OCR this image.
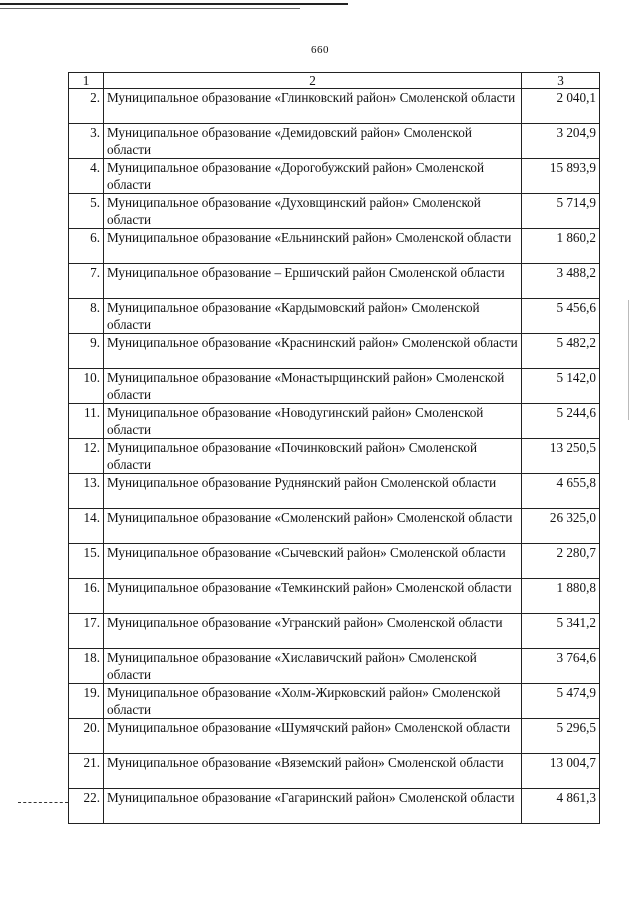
660
1	2	3
2.	Муниципальное образование «Глинковский район» Смоленской области	2 040,1
3.	Муниципальное образование «Демидовский район» Смоленской области	3 204,9
4.	Муниципальное образование «Дорогобужский район» Смоленской области	15 893,9
5.	Муниципальное образование «Духовщинский район» Смоленской области	5 714,9
6.	Муниципальное образование «Ельнинский район» Смоленской области	1 860,2
7.	Муниципальное образование – Ершичский район Смоленской области	3 488,2
8.	Муниципальное образование «Кардымовский район» Смоленской области	5 456,6
9.	Муниципальное образование «Краснинский район» Смоленской области	5 482,2
10.	Муниципальное образование «Монастырщинский район» Смоленской области	5 142,0
11.	Муниципальное образование «Новодугинский район» Смоленской области	5 244,6
12.	Муниципальное образование «Починковский район» Смоленской области	13 250,5
13.	Муниципальное образование Руднянский район Смоленской области	4 655,8
14.	Муниципальное образование «Смоленский район» Смоленской области	26 325,0
15.	Муниципальное образование «Сычевский район» Смоленской области	2 280,7
16.	Муниципальное образование «Темкинский район» Смоленской области	1 880,8
17.	Муниципальное образование «Угранский район» Смоленской области	5 341,2
18.	Муниципальное образование «Хиславичский район» Смоленской области	3 764,6
19.	Муниципальное образование «Холм-Жирковский район» Смоленской области	5 474,9
20.	Муниципальное образование «Шумячский район» Смоленской области	5 296,5
21.	Муниципальное образование «Вяземский район» Смоленской области	13 004,7
22.	Муниципальное образование «Гагаринский район» Смоленской области	4 861,3
